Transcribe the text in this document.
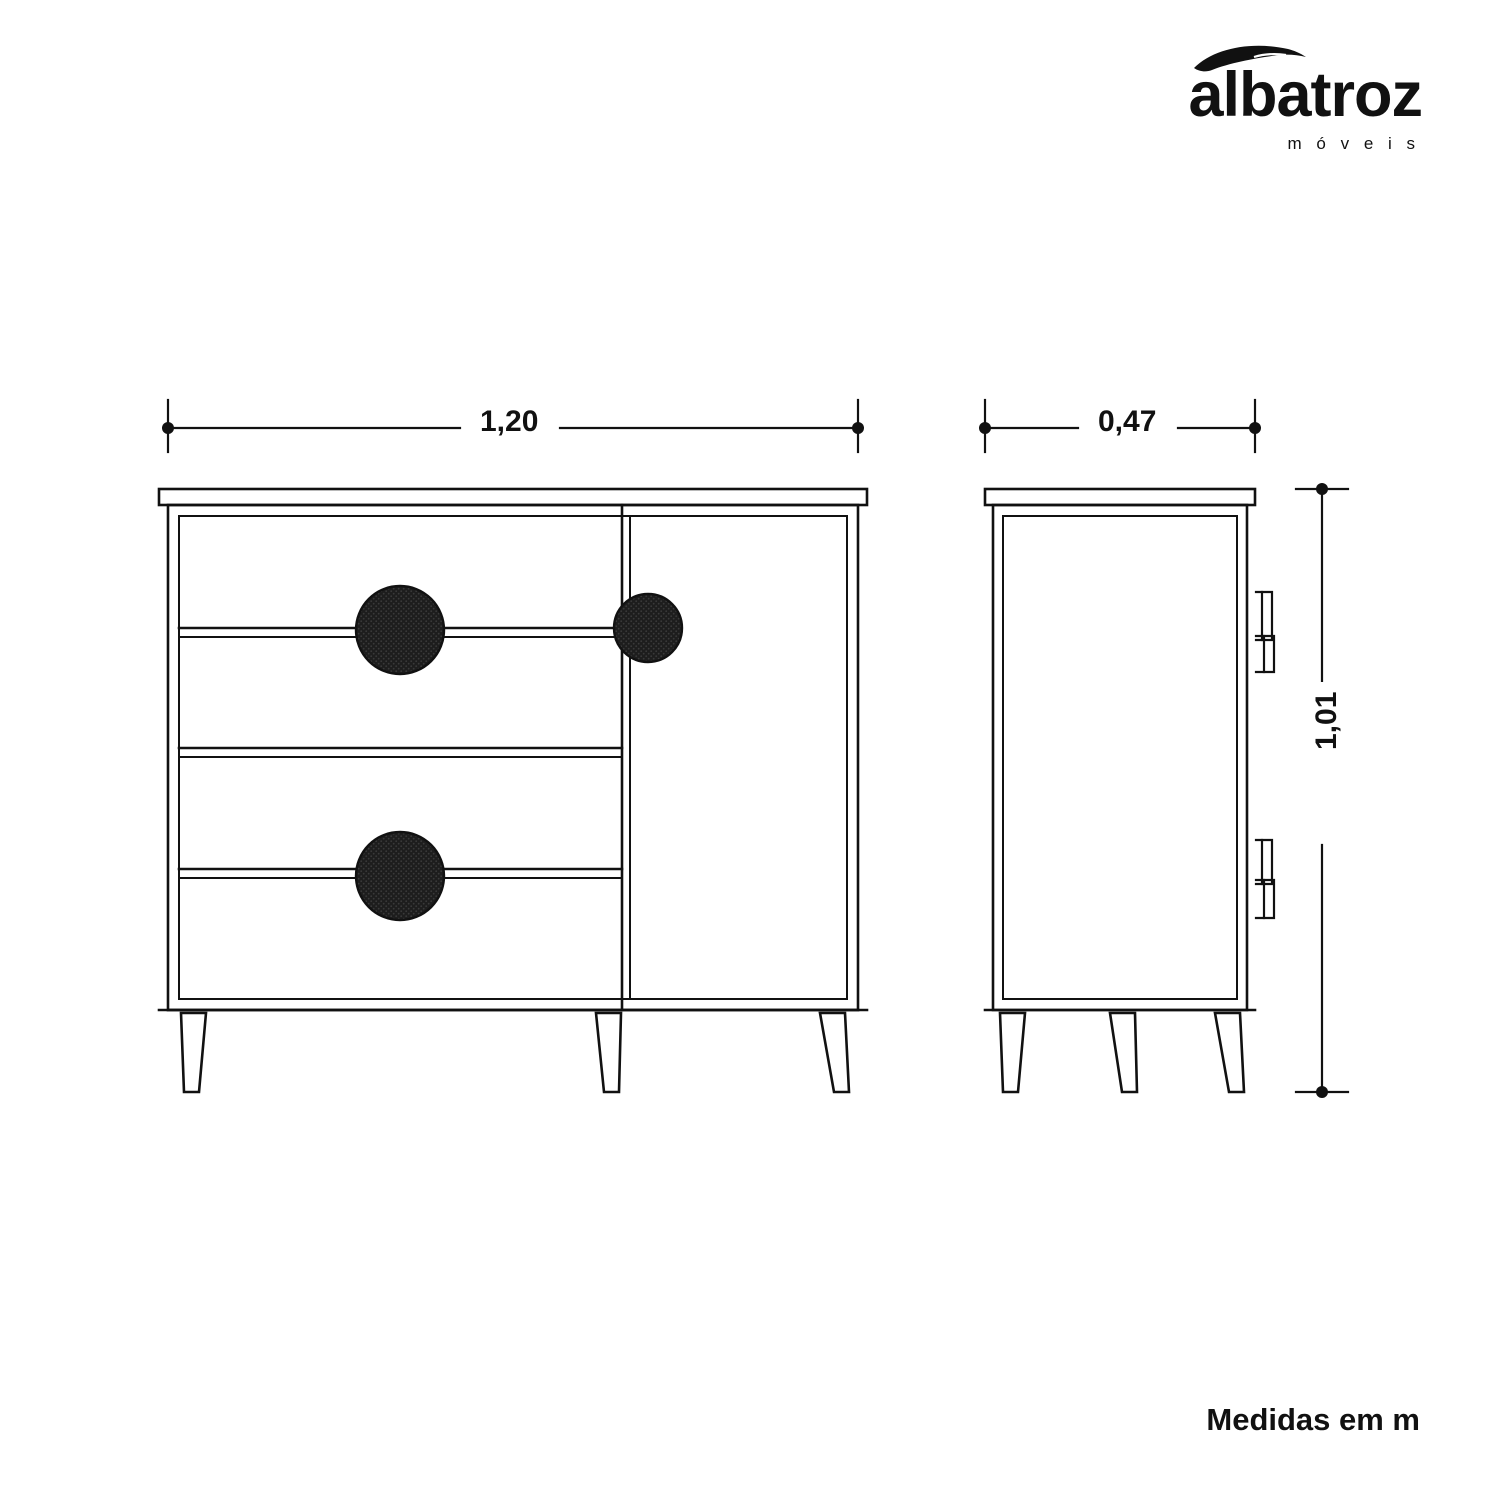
albatroz
m ó v e i s
1,20	0,47
1,01
Medidas em m
